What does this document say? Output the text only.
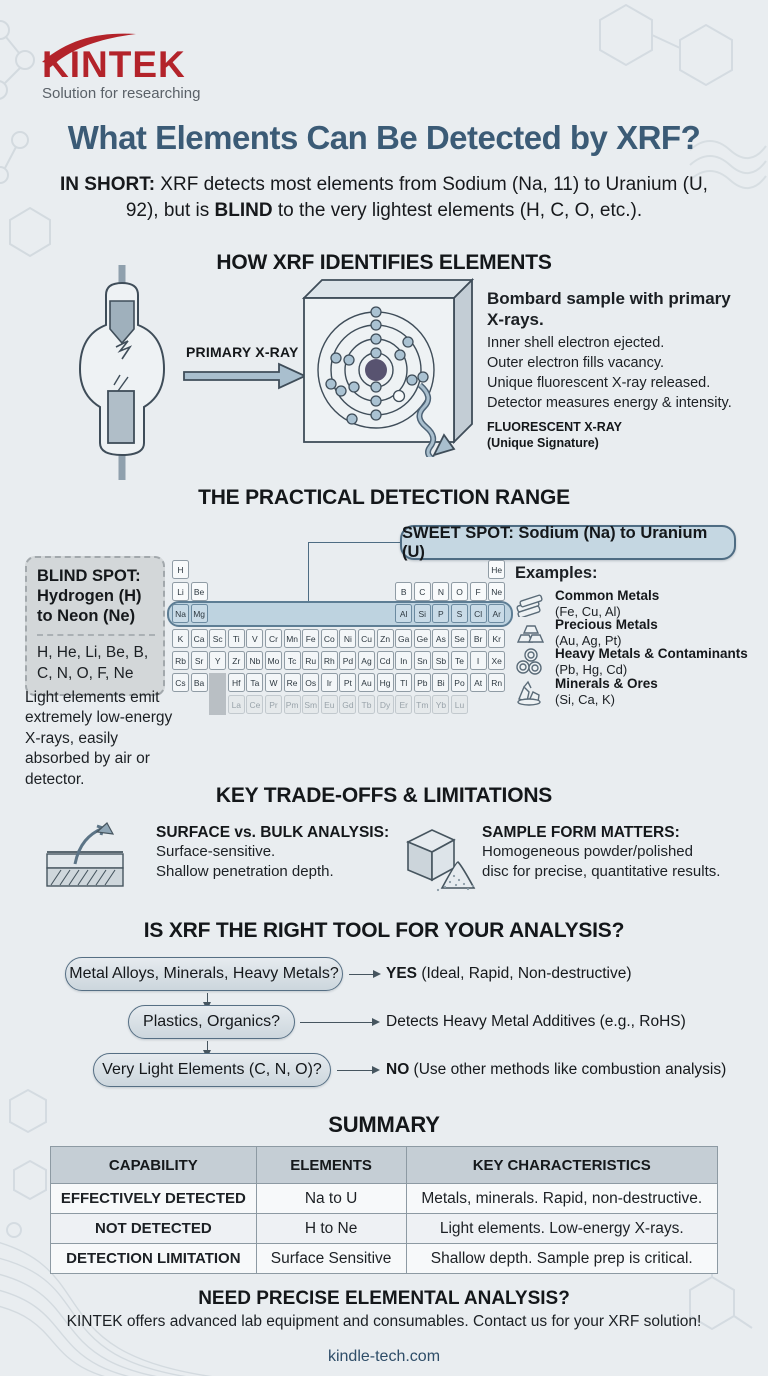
KINTEK
Solution for researching
What Elements Can Be Detected by XRF?
IN SHORT: XRF detects most elements from Sodium (Na, 11) to Uranium (U, 92), but is BLIND to the very lightest elements (H, C, O, etc.).
HOW XRF IDENTIFIES ELEMENTS
PRIMARY X-RAY
Bombard sample with primary X-rays.
Inner shell electron ejected.
Outer electron fills vacancy.
Unique fluorescent X-ray released.
Detector measures energy & intensity.
FLUORESCENT X-RAY
(Unique Signature)
THE PRACTICAL DETECTION RANGE
SWEET SPOT: Sodium (Na) to Uranium (U)
BLIND SPOT: Hydrogen (H) to Neon (Ne)
H, He, Li, Be, B, C, N, O, F, Ne
Light elements emit extremely low-energy X-rays, easily absorbed by air or detector.
H	He
Li	Be	B	C	N	O	F	Ne
Na Mg	Al	Si	P	S	Cl	Ar
K	Ca Sc	Ti	V	Cr Mn Fe Co	Ni	Cu Zn Ga Ge As Se	Br	Kr
Rb	Sr	Y	Zr	Nb Mo Tc	Ru Rh Pd Ag Cd	In	Sn Sb	Te	I	Xe
Cs Ba	Hf	Ta	W	Re Os	Ir	Pt	Au Hg	Tl	Pb	Bi	Po	At	Rn
La Ce	Pr Pm Sm Eu Gd Tb Dy	Er Tm Yb	Lu
Examples:
Common Metals
(Fe, Cu, Al)
Precious Metals
(Au, Ag, Pt)
Heavy Metals & Contaminants
(Pb, Hg, Cd)
Minerals & Ores
(Si, Ca, K)
KEY TRADE-OFFS & LIMITATIONS
SURFACE vs. BULK ANALYSIS:
Surface-sensitive.
Shallow penetration depth.
SAMPLE FORM MATTERS:
Homogeneous powder/polished
disc for precise, quantitative results.
IS XRF THE RIGHT TOOL FOR YOUR ANALYSIS?
Metal Alloys, Minerals, Heavy Metals?	YES (Ideal, Rapid, Non-destructive)
Plastics, Organics?	Detects Heavy Metal Additives (e.g., RoHS)
Very Light Elements (C, N, O)?	NO (Use other methods like combustion analysis)
SUMMARY
CAPABILITY	ELEMENTS	KEY CHARACTERISTICS
EFFECTIVELY DETECTED	Na to U	Metals, minerals. Rapid, non-destructive.
NOT DETECTED	H to Ne	Light elements. Low-energy X-rays.
DETECTION LIMITATION	Surface Sensitive	Shallow depth. Sample prep is critical.
NEED PRECISE ELEMENTAL ANALYSIS?
KINTEK offers advanced lab equipment and consumables. Contact us for your XRF solution!
kindle-tech.com
